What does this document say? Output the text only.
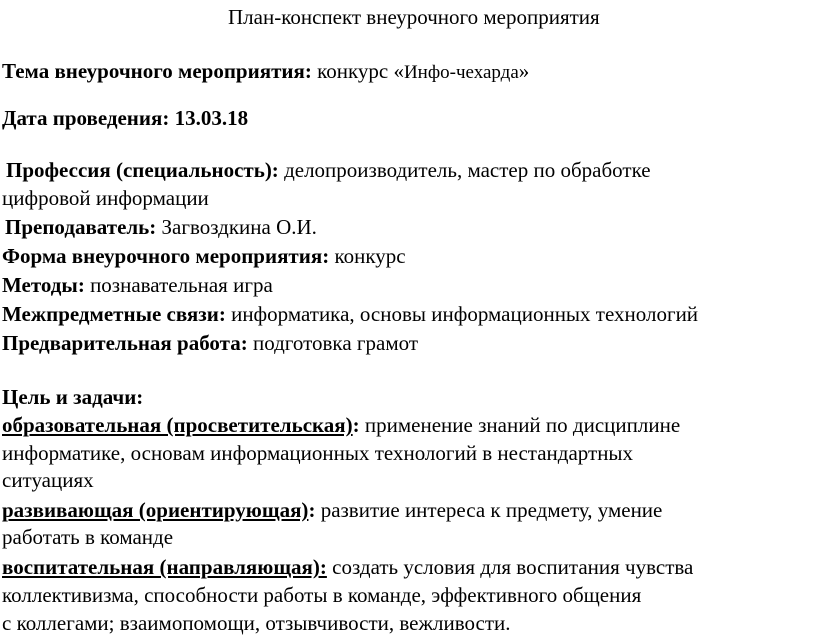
План-конспект внеурочного мероприятия
Тема внеурочного мероприятия: конкурс «Инфо-чехарда»
Дата проведения: 13.03.18
Профессия (специальность): делопроизводитель, мастер по обработке
цифровой информации
Преподаватель: Загвоздкина О.И.
Форма внеурочного мероприятия: конкурс
Методы: познавательная игра
Межпредметные связи: информатика, основы информационных технологий
Предварительная работа: подготовка грамот
Цель и задачи:
образовательная (просветительская): применение знаний по дисциплине
информатике, основам информационных технологий в нестандартных
ситуациях
развивающая (ориентирующая): развитие интереса к предмету, умение
работать в команде
воспитательная (направляющая): создать условия для воспитания чувства
коллективизма, способности работы в команде, эффективного общения
с коллегами; взаимопомощи, отзывчивости, вежливости.
